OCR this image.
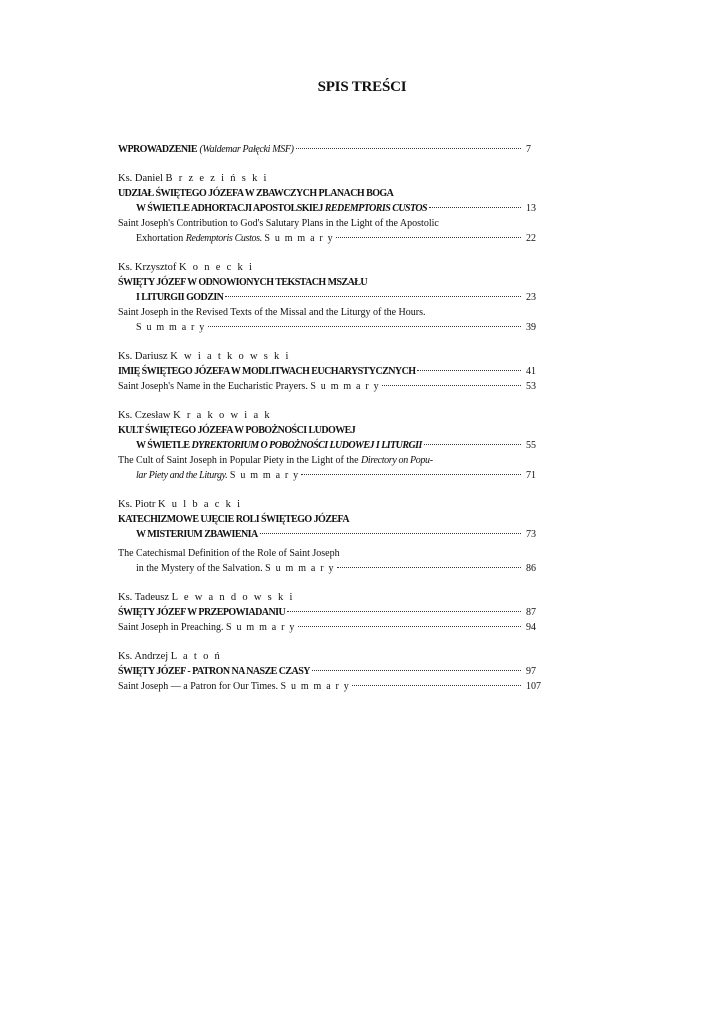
SPIS TREŚCI
WPROWADZENIE (Waldemar Pałęcki MSF)	7
Ks. Daniel B r z e z i ń s k i
UDZIAŁ ŚWIĘTEGO JÓZEFA W ZBAWCZYCH PLANACH BOGA
W ŚWIETLE ADHORTACJI APOSTOLSKIEJ REDEMPTORIS CUSTOS	13
Saint Joseph's Contribution to God's Salutary Plans in the Light of the Apostolic
Exhortation Redemptoris Custos. S u m m a r y	22
Ks. Krzysztof K o n e c k i
ŚWIĘTY JÓZEF W ODNOWIONYCH TEKSTACH MSZAŁU
I LITURGII GODZIN	23
Saint Joseph in the Revised Texts of the Missal and the Liturgy of the Hours.
S u m m a r y	39
Ks. Dariusz K w i a t k o w s k i
IMIĘ ŚWIĘTEGO JÓZEFA W MODLITWACH EUCHARYSTYCZNYCH	41
Saint Joseph's Name in the Eucharistic Prayers. S u m m a r y	53
Ks. Czesław K r a k o w i a k
KULT ŚWIĘTEGO JÓZEFA W POBOŻNOŚCI LUDOWEJ
W ŚWIETLE DYREKTORIUM O POBOŻNOŚCI LUDOWEJ I LITURGII	55
The Cult of Saint Joseph in Popular Piety in the Light of the Directory on Popu-
lar Piety and the Liturgy. S u m m a r y	71
Ks. Piotr K u l b a c k i
KATECHIZMOWE UJĘCIE ROLI ŚWIĘTEGO JÓZEFA
W MISTERIUM ZBAWIENIA	73
The Catechismal Definition of the Role of Saint Joseph
in the Mystery of the Salvation. S u m m a r y	86
Ks. Tadeusz L e w a n d o w s k i
ŚWIĘTY JÓZEF W PRZEPOWIADANIU	87
Saint Joseph in Preaching. S u m m a r y	94
Ks. Andrzej L a t o ń
ŚWIĘTY JÓZEF - PATRON NA NASZE CZASY	97
Saint Joseph — a Patron for Our Times. S u m m a r y	107
